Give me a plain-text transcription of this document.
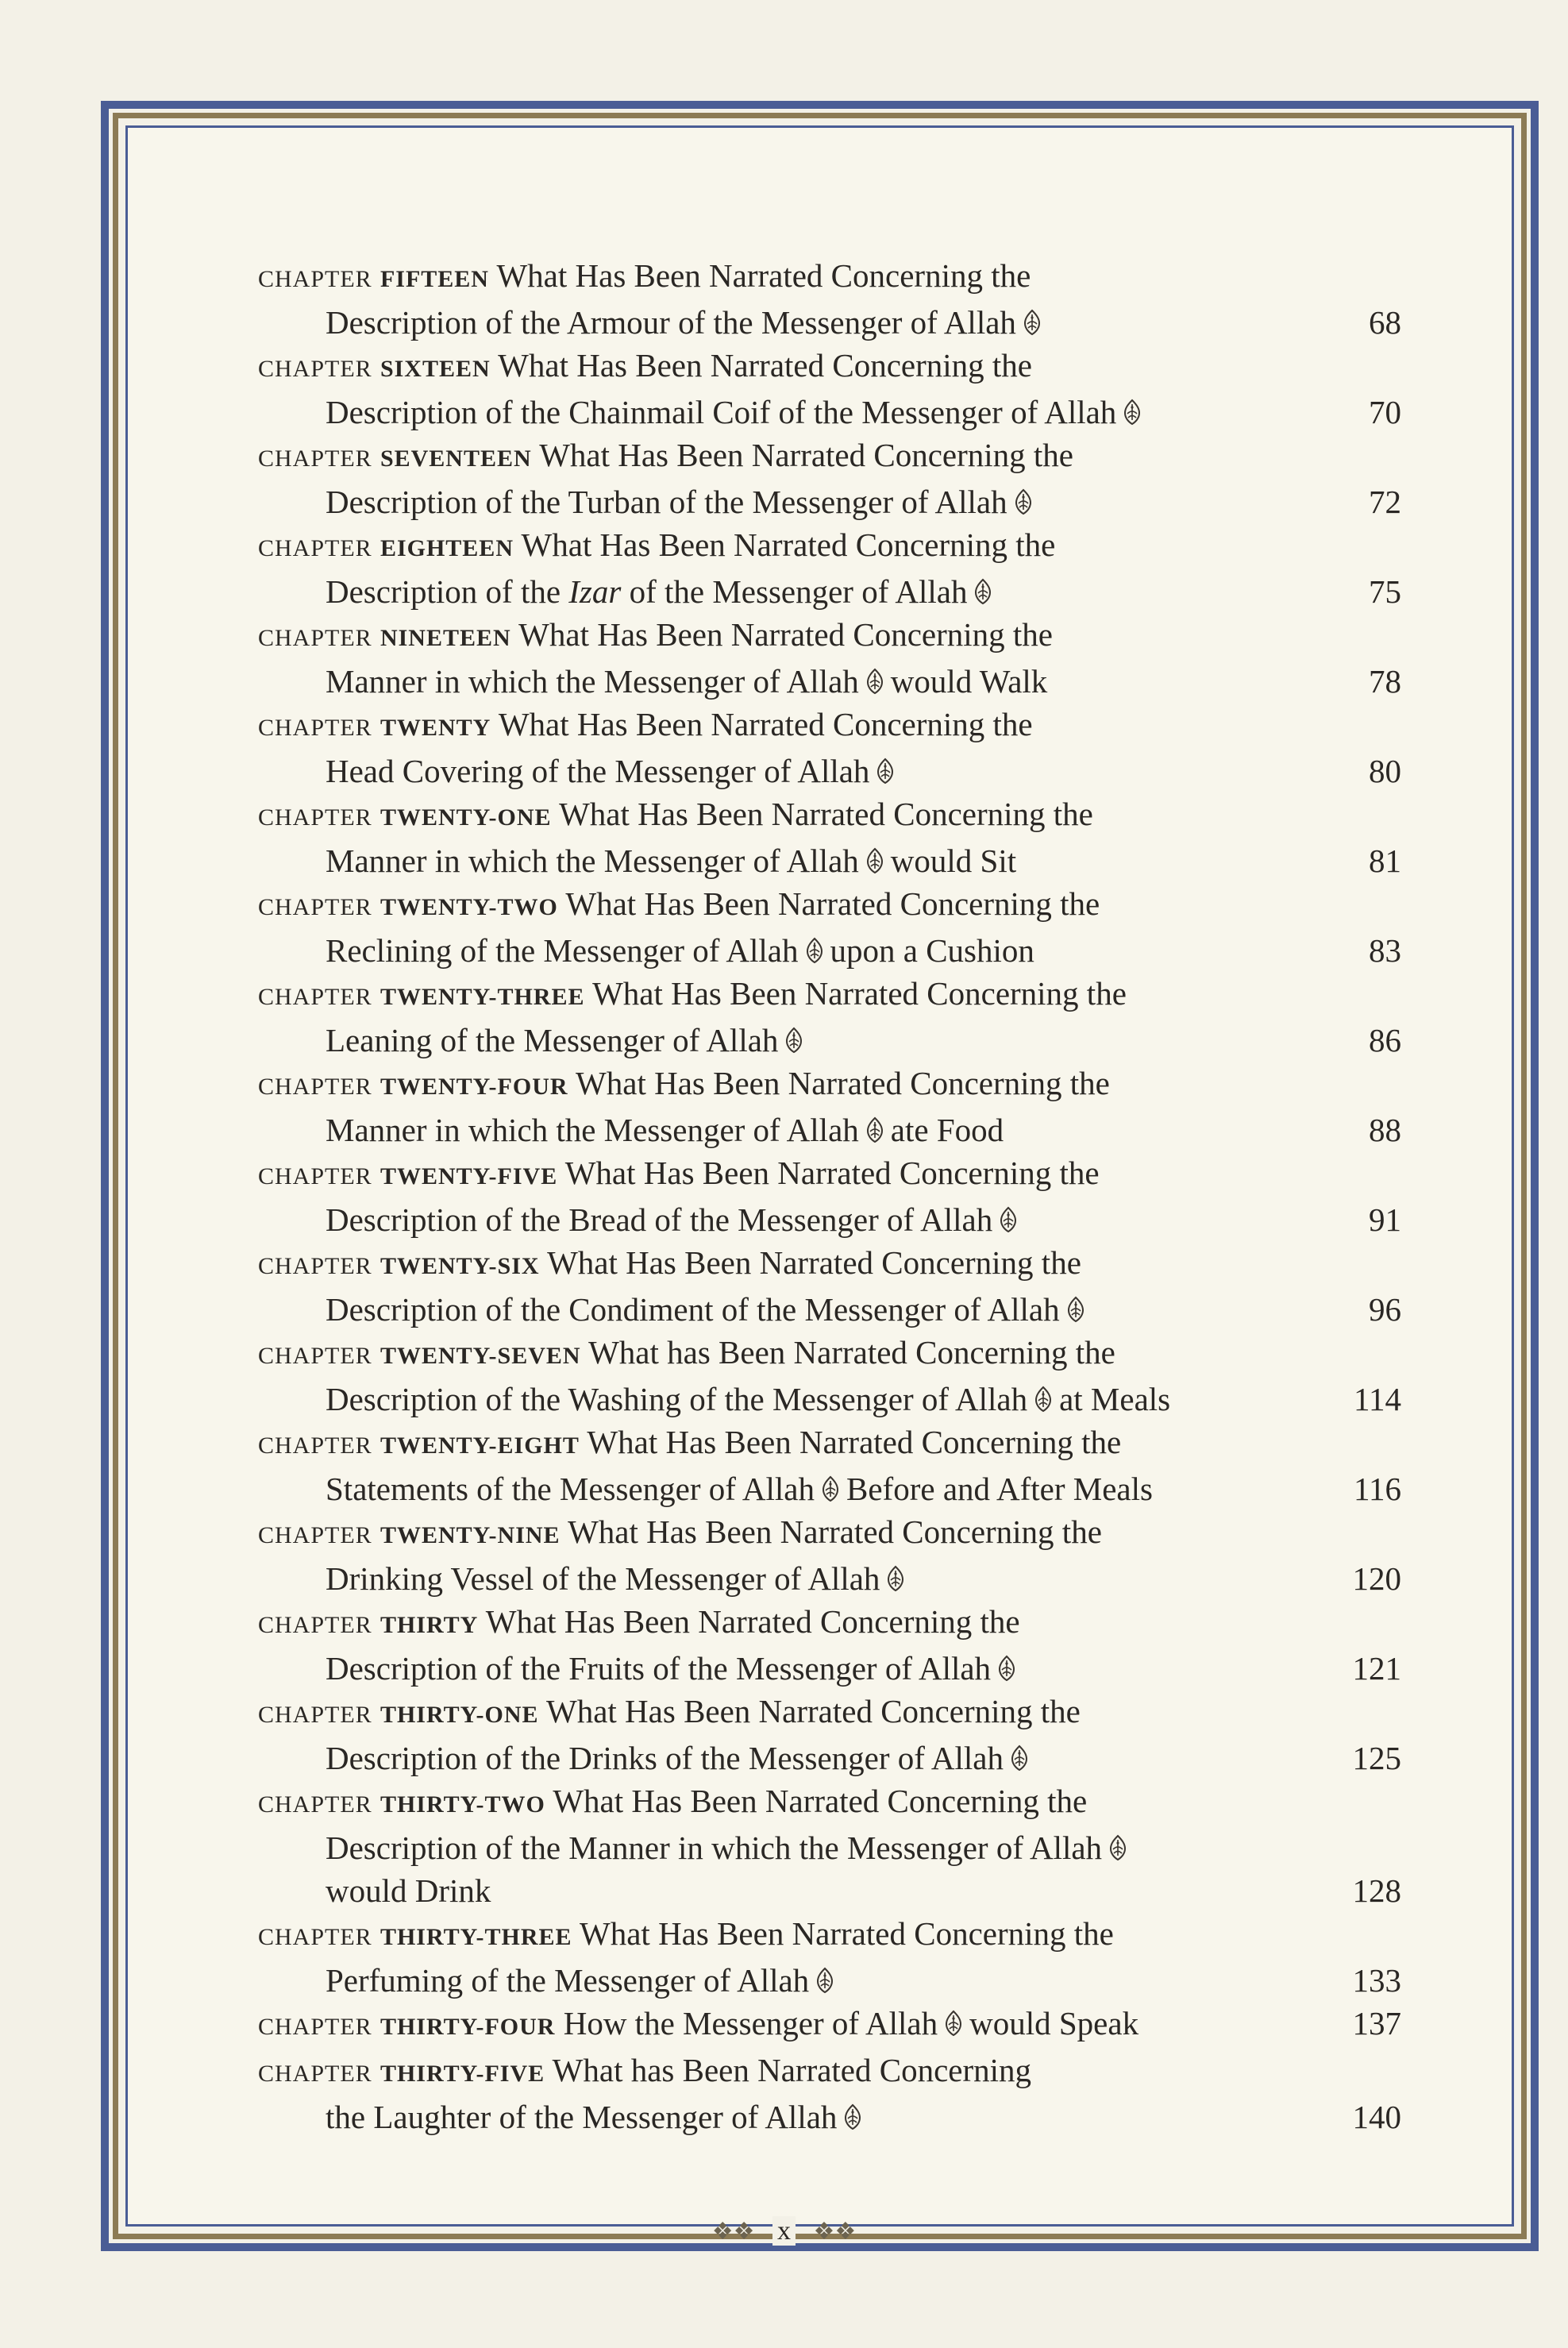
CHAPTER FIFTEEN What Has Been Narrated Concerning the
Description of the Armour of the Messenger of Allah	68
CHAPTER SIXTEEN What Has Been Narrated Concerning the
Description of the Chainmail Coif of the Messenger of Allah	70
CHAPTER SEVENTEEN What Has Been Narrated Concerning the
Description of the Turban of the Messenger of Allah	72
CHAPTER EIGHTEEN What Has Been Narrated Concerning the
Description of the Izar of the Messenger of Allah	75
CHAPTER NINETEEN What Has Been Narrated Concerning the
Manner in which the Messenger of Allah would Walk	78
CHAPTER TWENTY What Has Been Narrated Concerning the
Head Covering of the Messenger of Allah	80
CHAPTER TWENTY-ONE What Has Been Narrated Concerning the
Manner in which the Messenger of Allah would Sit	81
CHAPTER TWENTY-TWO What Has Been Narrated Concerning the
Reclining of the Messenger of Allah upon a Cushion	83
CHAPTER TWENTY-THREE What Has Been Narrated Concerning the
Leaning of the Messenger of Allah	86
CHAPTER TWENTY-FOUR What Has Been Narrated Concerning the
Manner in which the Messenger of Allah ate Food	88
CHAPTER TWENTY-FIVE What Has Been Narrated Concerning the
Description of the Bread of the Messenger of Allah	91
CHAPTER TWENTY-SIX What Has Been Narrated Concerning the
Description of the Condiment of the Messenger of Allah	96
CHAPTER TWENTY-SEVEN What has Been Narrated Concerning the
Description of the Washing of the Messenger of Allah at Meals	114
CHAPTER TWENTY-EIGHT What Has Been Narrated Concerning the
Statements of the Messenger of Allah Before and After Meals	116
CHAPTER TWENTY-NINE What Has Been Narrated Concerning the
Drinking Vessel of the Messenger of Allah	120
CHAPTER THIRTY What Has Been Narrated Concerning the
Description of the Fruits of the Messenger of Allah	121
CHAPTER THIRTY-ONE What Has Been Narrated Concerning the
Description of the Drinks of the Messenger of Allah	125
CHAPTER THIRTY-TWO What Has Been Narrated Concerning the
Description of the Manner in which the Messenger of Allah
would Drink	128
CHAPTER THIRTY-THREE What Has Been Narrated Concerning the
Perfuming of the Messenger of Allah	133
CHAPTER THIRTY-FOUR How the Messenger of Allah would Speak	137
CHAPTER THIRTY-FIVE What has Been Narrated Concerning
the Laughter of the Messenger of Allah	140
❖❖ x ❖❖
